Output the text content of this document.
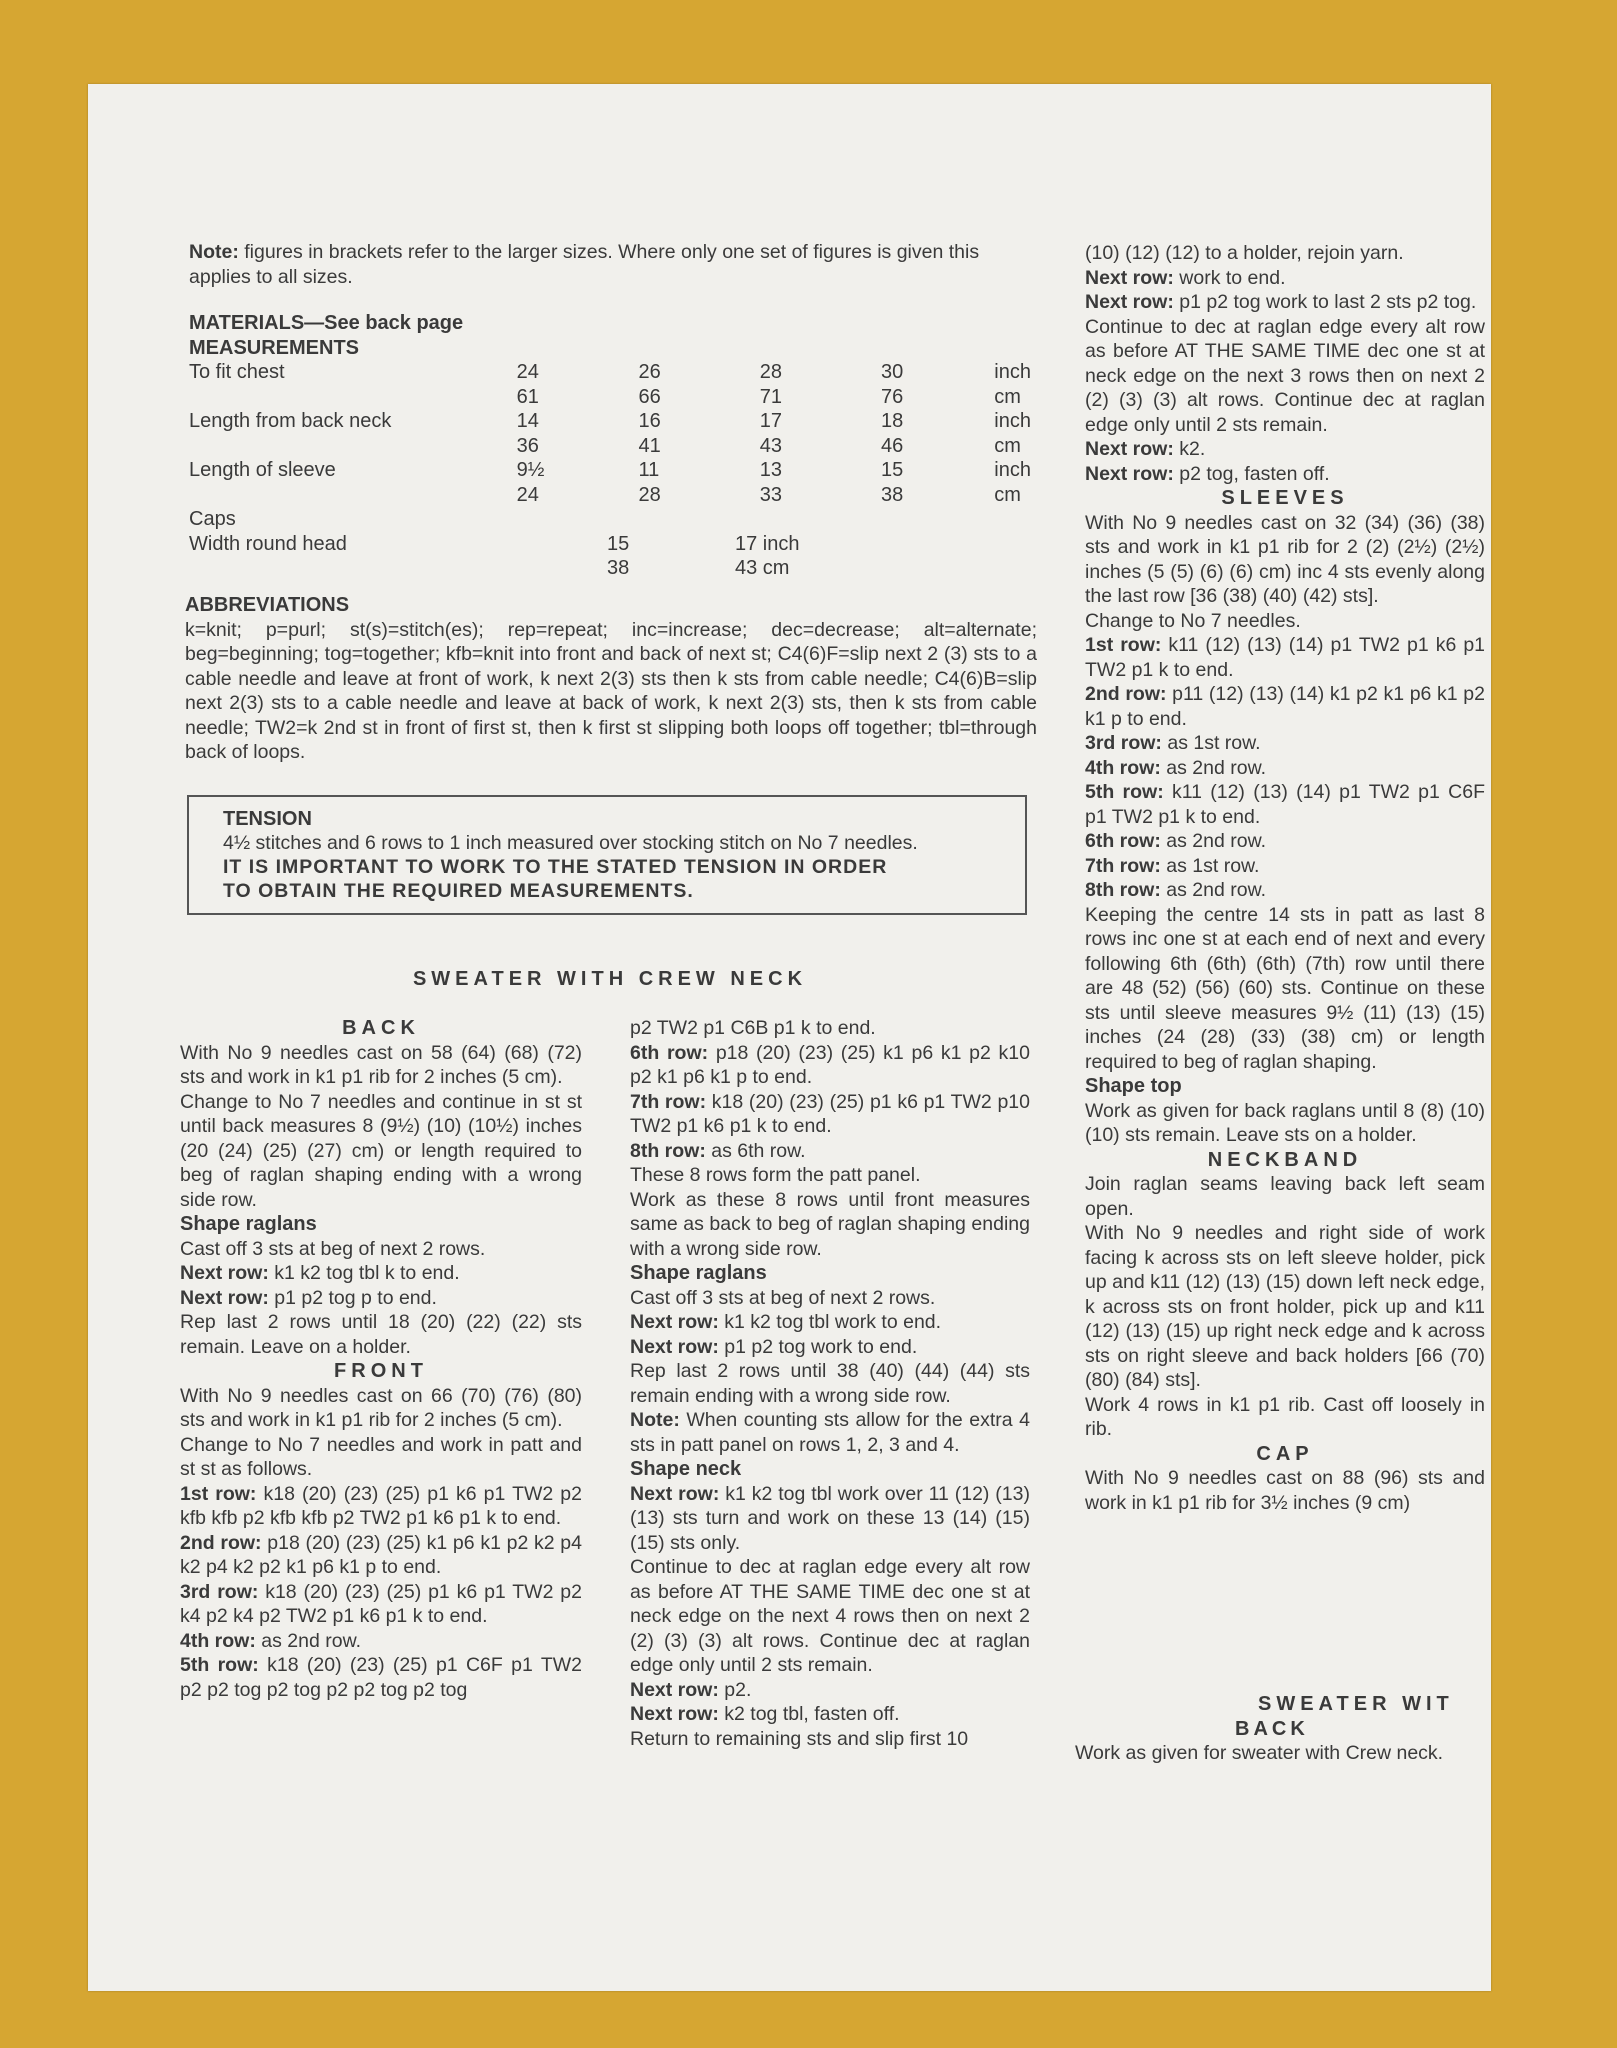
Note: figures in brackets refer to the larger sizes. Where only one set of figures is given this applies to all sizes.

MATERIALS—See back page

MEASUREMENTS

To fit chest	24	26	28	30	inch
	61	66	71	76	cm
Length from back neck	14	16	17	18	inch
	36	41	43	46	cm
Length of sleeve	9½	11	13	15	inch
	24	28	33	38	cm

Caps

Width round head	15	17 inch
	38	43 cm

ABBREVIATIONS

k=knit; p=purl; st(s)=stitch(es); rep=repeat; inc=increase; dec=decrease; alt=alternate; beg=beginning; tog=together; kfb=knit into front and back of next st; C4(6)F=slip next 2 (3) sts to a cable needle and leave at front of work, k next 2(3) sts then k sts from cable needle; C4(6)B=slip next 2(3) sts to a cable needle and leave at back of work, k next 2(3) sts, then k sts from cable needle; TW2=k 2nd st in front of first st, then k first st slipping both loops off together; tbl=through back of loops.

TENSION

4½ stitches and 6 rows to 1 inch measured over stocking stitch on No 7 needles.

IT IS IMPORTANT TO WORK TO THE STATED TENSION IN ORDER

TO OBTAIN THE REQUIRED MEASUREMENTS.

SWEATER WITH CREW NECK

BACK

With No 9 needles cast on 58 (64) (68) (72) sts and work in k1 p1 rib for 2 inches (5 cm).

Change to No 7 needles and continue in st st until back measures 8 (9½) (10) (10½) inches (20 (24) (25) (27) cm) or length required to beg of raglan shaping ending with a wrong side row.

Shape raglans

Cast off 3 sts at beg of next 2 rows.

Next row: k1 k2 tog tbl k to end.

Next row: p1 p2 tog p to end.

Rep last 2 rows until 18 (20) (22) (22) sts remain. Leave on a holder.

FRONT

With No 9 needles cast on 66 (70) (76) (80) sts and work in k1 p1 rib for 2 inches (5 cm).

Change to No 7 needles and work in patt and st st as follows.

1st row: k18 (20) (23) (25) p1 k6 p1 TW2 p2 kfb kfb p2 kfb kfb p2 TW2 p1 k6 p1 k to end.

2nd row: p18 (20) (23) (25) k1 p6 k1 p2 k2 p4 k2 p4 k2 p2 k1 p6 k1 p to end.

3rd row: k18 (20) (23) (25) p1 k6 p1 TW2 p2 k4 p2 k4 p2 TW2 p1 k6 p1 k to end.

4th row: as 2nd row.

5th row: k18 (20) (23) (25) p1 C6F p1 TW2 p2 p2 tog p2 tog p2 p2 tog p2 tog

p2 TW2 p1 C6B p1 k to end.

6th row: p18 (20) (23) (25) k1 p6 k1 p2 k10 p2 k1 p6 k1 p to end.

7th row: k18 (20) (23) (25) p1 k6 p1 TW2 p10 TW2 p1 k6 p1 k to end.

8th row: as 6th row.

These 8 rows form the patt panel.

Work as these 8 rows until front measures same as back to beg of raglan shaping ending with a wrong side row.

Shape raglans

Cast off 3 sts at beg of next 2 rows.

Next row: k1 k2 tog tbl work to end.

Next row: p1 p2 tog work to end.

Rep last 2 rows until 38 (40) (44) (44) sts remain ending with a wrong side row.

Note: When counting sts allow for the extra 4 sts in patt panel on rows 1, 2, 3 and 4.

Shape neck

Next row: k1 k2 tog tbl work over 11 (12) (13) (13) sts turn and work on these 13 (14) (15) (15) sts only.

Continue to dec at raglan edge every alt row as before AT THE SAME TIME dec one st at neck edge on the next 4 rows then on next 2 (2) (3) (3) alt rows. Continue dec at raglan edge only until 2 sts remain.

Next row: p2.

Next row: k2 tog tbl, fasten off.

Return to remaining sts and slip first 10

(10) (12) (12) to a holder, rejoin yarn.

Next row: work to end.

Next row: p1 p2 tog work to last 2 sts p2 tog.

Continue to dec at raglan edge every alt row as before AT THE SAME TIME dec one st at neck edge on the next 3 rows then on next 2 (2) (3) (3) alt rows. Continue dec at raglan edge only until 2 sts remain.

Next row: k2.

Next row: p2 tog, fasten off.

SLEEVES

With No 9 needles cast on 32 (34) (36) (38) sts and work in k1 p1 rib for 2 (2) (2½) (2½) inches (5 (5) (6) (6) cm) inc 4 sts evenly along the last row [36 (38) (40) (42) sts].

Change to No 7 needles.

1st row: k11 (12) (13) (14) p1 TW2 p1 k6 p1 TW2 p1 k to end.

2nd row: p11 (12) (13) (14) k1 p2 k1 p6 k1 p2 k1 p to end.

3rd row: as 1st row.

4th row: as 2nd row.

5th row: k11 (12) (13) (14) p1 TW2 p1 C6F p1 TW2 p1 k to end.

6th row: as 2nd row.

7th row: as 1st row.

8th row: as 2nd row.

Keeping the centre 14 sts in patt as last 8 rows inc one st at each end of next and every following 6th (6th) (6th) (7th) row until there are 48 (52) (56) (60) sts. Continue on these sts until sleeve measures 9½ (11) (13) (15) inches (24 (28) (33) (38) cm) or length required to beg of raglan shaping.

Shape top

Work as given for back raglans until 8 (8) (10)(10) sts remain. Leave sts on a holder.

NECKBAND

Join raglan seams leaving back left seam open.

With No 9 needles and right side of work facing k across sts on left sleeve holder, pick up and k11 (12) (13) (15) down left neck edge, k across sts on front holder, pick up and k11 (12) (13) (15) up right neck edge and k across sts on right sleeve and back holders [66 (70) (80) (84) sts].

Work 4 rows in k1 p1 rib. Cast off loosely in rib.

CAP

With No 9 needles cast on 88 (96) sts and work in k1 p1 rib for 3½ inches (9 cm)

SWEATER WIT

BACK

Work as given for sweater with Crew neck.
